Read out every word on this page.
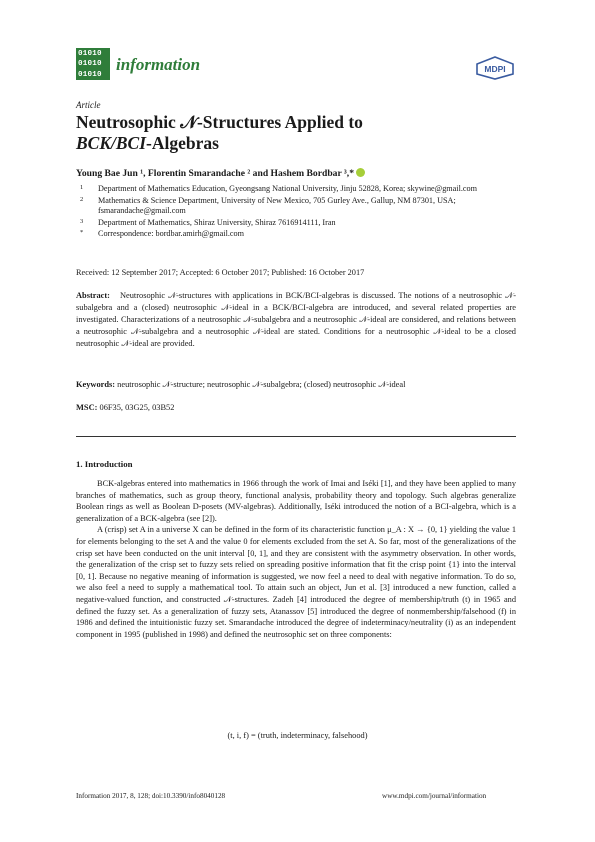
01010
01010
01010
information	MDPI
Article
Neutrosophic 𝒩-Structures Applied to
BCK/BCI-Algebras
Young Bae Jun ¹, Florentin Smarandache ² and Hashem Bordbar ³,*
1 Department of Mathematics Education, Gyeongsang National University, Jinju 52828, Korea; skywine@gmail.com
2 Mathematics & Science Department, University of New Mexico, 705 Gurley Ave., Gallup, NM 87301, USA; fsmarandache@gmail.com
3 Department of Mathematics, Shiraz University, Shiraz 7616914111, Iran
* Correspondence: bordbar.amirh@gmail.com
Received: 12 September 2017; Accepted: 6 October 2017; Published: 16 October 2017
Abstract: Neutrosophic 𝒩-structures with applications in BCK/BCI-algebras is discussed. The notions of a neutrosophic 𝒩-subalgebra and a (closed) neutrosophic 𝒩-ideal in a BCK/BCI-algebra are introduced, and several related properties are investigated. Characterizations of a neutrosophic 𝒩-subalgebra and a neutrosophic 𝒩-ideal are considered, and relations between a neutrosophic 𝒩-subalgebra and a neutrosophic 𝒩-ideal are stated. Conditions for a neutrosophic 𝒩-ideal to be a closed neutrosophic 𝒩-ideal are provided.
Keywords: neutrosophic 𝒩-structure; neutrosophic 𝒩-subalgebra; (closed) neutrosophic 𝒩-ideal
MSC: 06F35, 03G25, 03B52
1. Introduction

BCK-algebras entered into mathematics in 1966 through the work of Imai and Iséki [1], and they have been applied to many branches of mathematics, such as group theory, functional analysis, probability theory and topology. Such algebras generalize Boolean rings as well as Boolean D-posets (MV-algebras). Additionally, Iséki introduced the notion of a BCI-algebra, which is a generalization of a BCK-algebra (see [2]).

A (crisp) set A in a universe X can be defined in the form of its characteristic function μ_A : X → {0, 1} yielding the value 1 for elements belonging to the set A and the value 0 for elements excluded from the set A. So far, most of the generalizations of the crisp set have been conducted on the unit interval [0, 1], and they are consistent with the asymmetry observation. In other words, the generalization of the crisp set to fuzzy sets relied on spreading positive information that fit the crisp point {1} into the interval [0, 1]. Because no negative meaning of information is suggested, we now feel a need to deal with negative information. To do so, we also feel a need to supply a mathematical tool. To attain such an object, Jun et al. [3] introduced a new function, called a negative-valued function, and constructed 𝒩-structures. Zadeh [4] introduced the degree of membership/truth (t) in 1965 and defined the fuzzy set. As a generalization of fuzzy sets, Atanassov [5] introduced the degree of nonmembership/falsehood (f) in 1986 and defined the intuitionistic fuzzy set. Smarandache introduced the degree of indeterminacy/neutrality (i) as an independent component in 1995 (published in 1998) and defined the neutrosophic set on three components:

(t, i, f) = (truth, indeterminacy, falsehood)
Information 2017, 8, 128; doi:10.3390/info8040128	www.mdpi.com/journal/information
